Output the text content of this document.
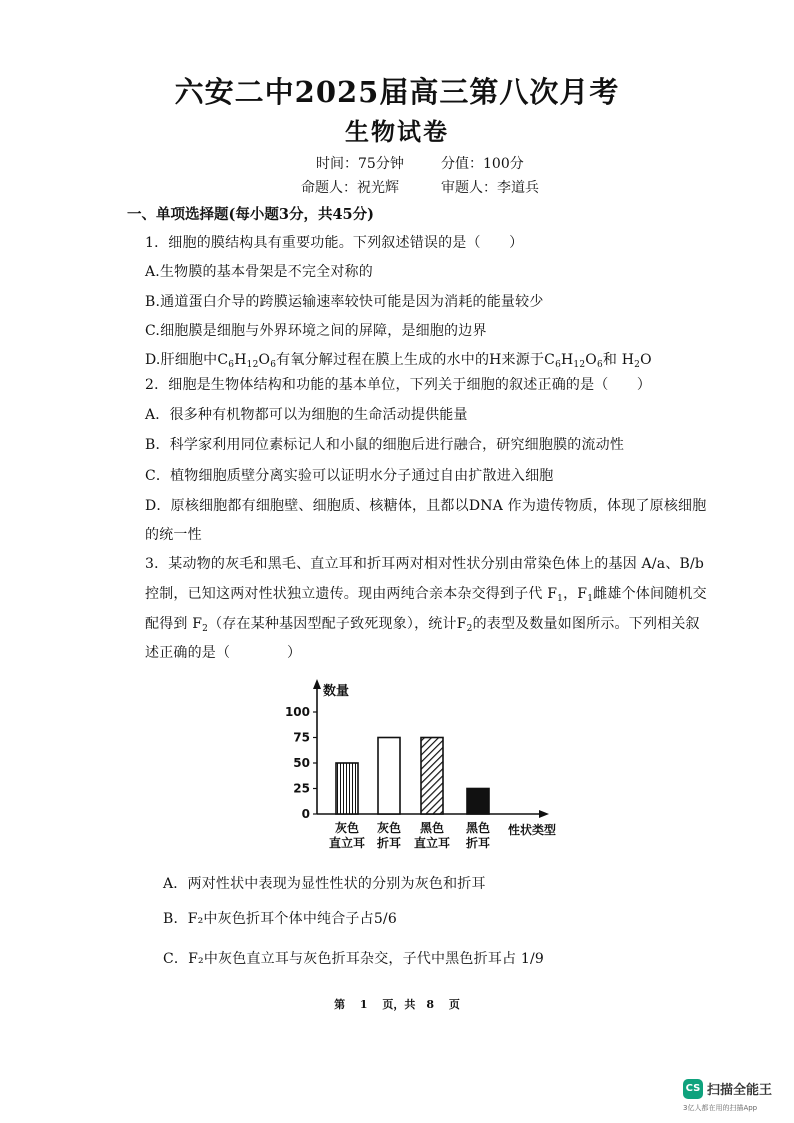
六安二中2025届高三第八次月考
生物试卷
时间：75分钟	分值：100分
命题人：祝光辉	审题人：李道兵
一、单项选择题(每小题3分，共45分)
1．细胞的膜结构具有重要功能。下列叙述错误的是（　　）
A.生物膜的基本骨架是不完全对称的
B.通道蛋白介导的跨膜运输速率较快可能是因为消耗的能量较少
C.细胞膜是细胞与外界环境之间的屏障，是细胞的边界
D.肝细胞中$C_6H_{12}O_6$有氧分解过程在膜上生成的水中的H来源于$C_6H_{12}O_6$和 $H_2O$
2．细胞是生物体结构和功能的基本单位，下列关于细胞的叙述正确的是（　　）
A．很多种有机物都可以为细胞的生命活动提供能量
B．科学家利用同位素标记人和小鼠的细胞后进行融合，研究细胞膜的流动性
C．植物细胞质壁分离实验可以证明水分子通过自由扩散进入细胞
D．原核细胞都有细胞壁、细胞质、核糖体，且都以DNA 作为遗传物质，体现了原核细胞
的统一性
3．某动物的灰毛和黑毛、直立耳和折耳两对相对性状分别由常染色体上的基因 A/a、B/b
控制，已知这两对性状独立遗传。现由两纯合亲本杂交得到子代 $F_1$，$F_1$雌雄个体间随机交
配得到 $F_2$（存在某种基因型配子致死现象），统计$F_2$的表型及数量如图所示。下列相关叙
述正确的是（　　　　）
数量
性状类型
0
25
50
75
100
灰色
直立耳
灰色
折耳
黑色
直立耳
黑色
折耳
A．两对性状中表现为显性性状的分别为灰色和折耳
B．F₂中灰色折耳个体中纯合子占5/6
C．F₂中灰色直立耳与灰色折耳杂交，子代中黑色折耳占 1/9
第　 1　 页，共　8　 页
CS 扫描全能王
3亿人都在用的扫描App
